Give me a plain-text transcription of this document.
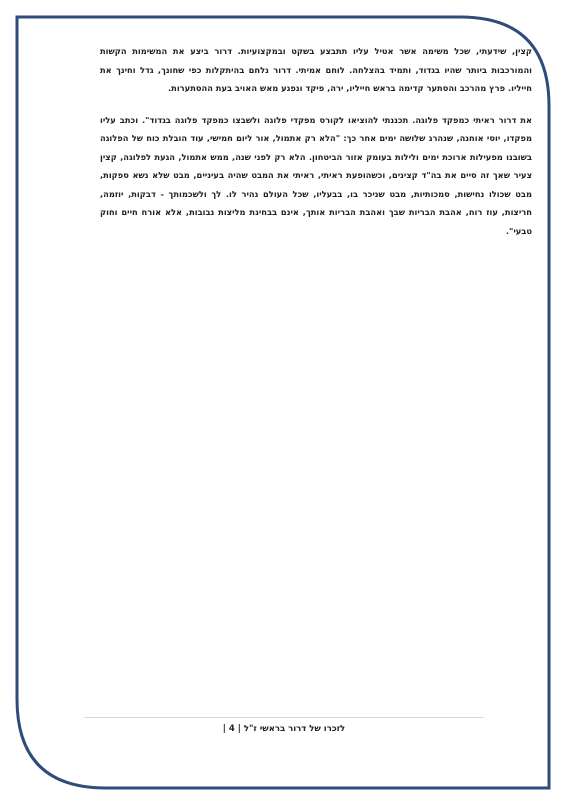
קצין, שידעתי, שכל משימה אשר אטיל עליו תתבצע בשקט ובמקצועיות. דרור ביצע את המשימות הקשות והמורכבות ביותר שהיו בגדוד, ותמיד בהצלחה. לוחם אמיתי. דרור נלחם בהיתקלות כפי שחונך, גדל וחינך את חייליו. פרץ מהרכב והסתער קדימה בראש חייליו, ירה, פיקד ונפגע מאש האויב בעת ההסתערות.

את דרור ראיתי כמפקד פלוגה. תכננתי להוציאו לקורס מפקדי פלוגה ולשבצו כמפקד פלוגה בגדוד". וכתב עליו מפקדו, יוסי אוחנה, שנהרג שלושה ימים אחר כך: "הלא רק אתמול, אור ליום חמישי, עוד הובלת כוח של הפלוגה בשובנו מפעילות ארוכת ימים ולילות בעומק אזור הביטחון. הלא רק לפני שנה, ממש אתמול, הגעת לפלוגה, קצין צעיר שאך זה סיים את בה"ד קצינים, וכשהופעת ראיתי, ראיתי את המבט שהיה בעיניים, מבט שלא נשא ספקות, מבט שכולו נחישות, סמכותיות, מבט שניכר בו, בבעליו, שכל העולם נהיר לו. לך ולשכמותך - דבקות, יוזמה, חריצות, עוז רוח, אהבת הבריות שבך ואהבת הבריות אותך, אינם בבחינת מליצות נבובות, אלא אורח חיים וחוק טבעי".

לזכרו של דרור בראשי ז"ל | 4 |
